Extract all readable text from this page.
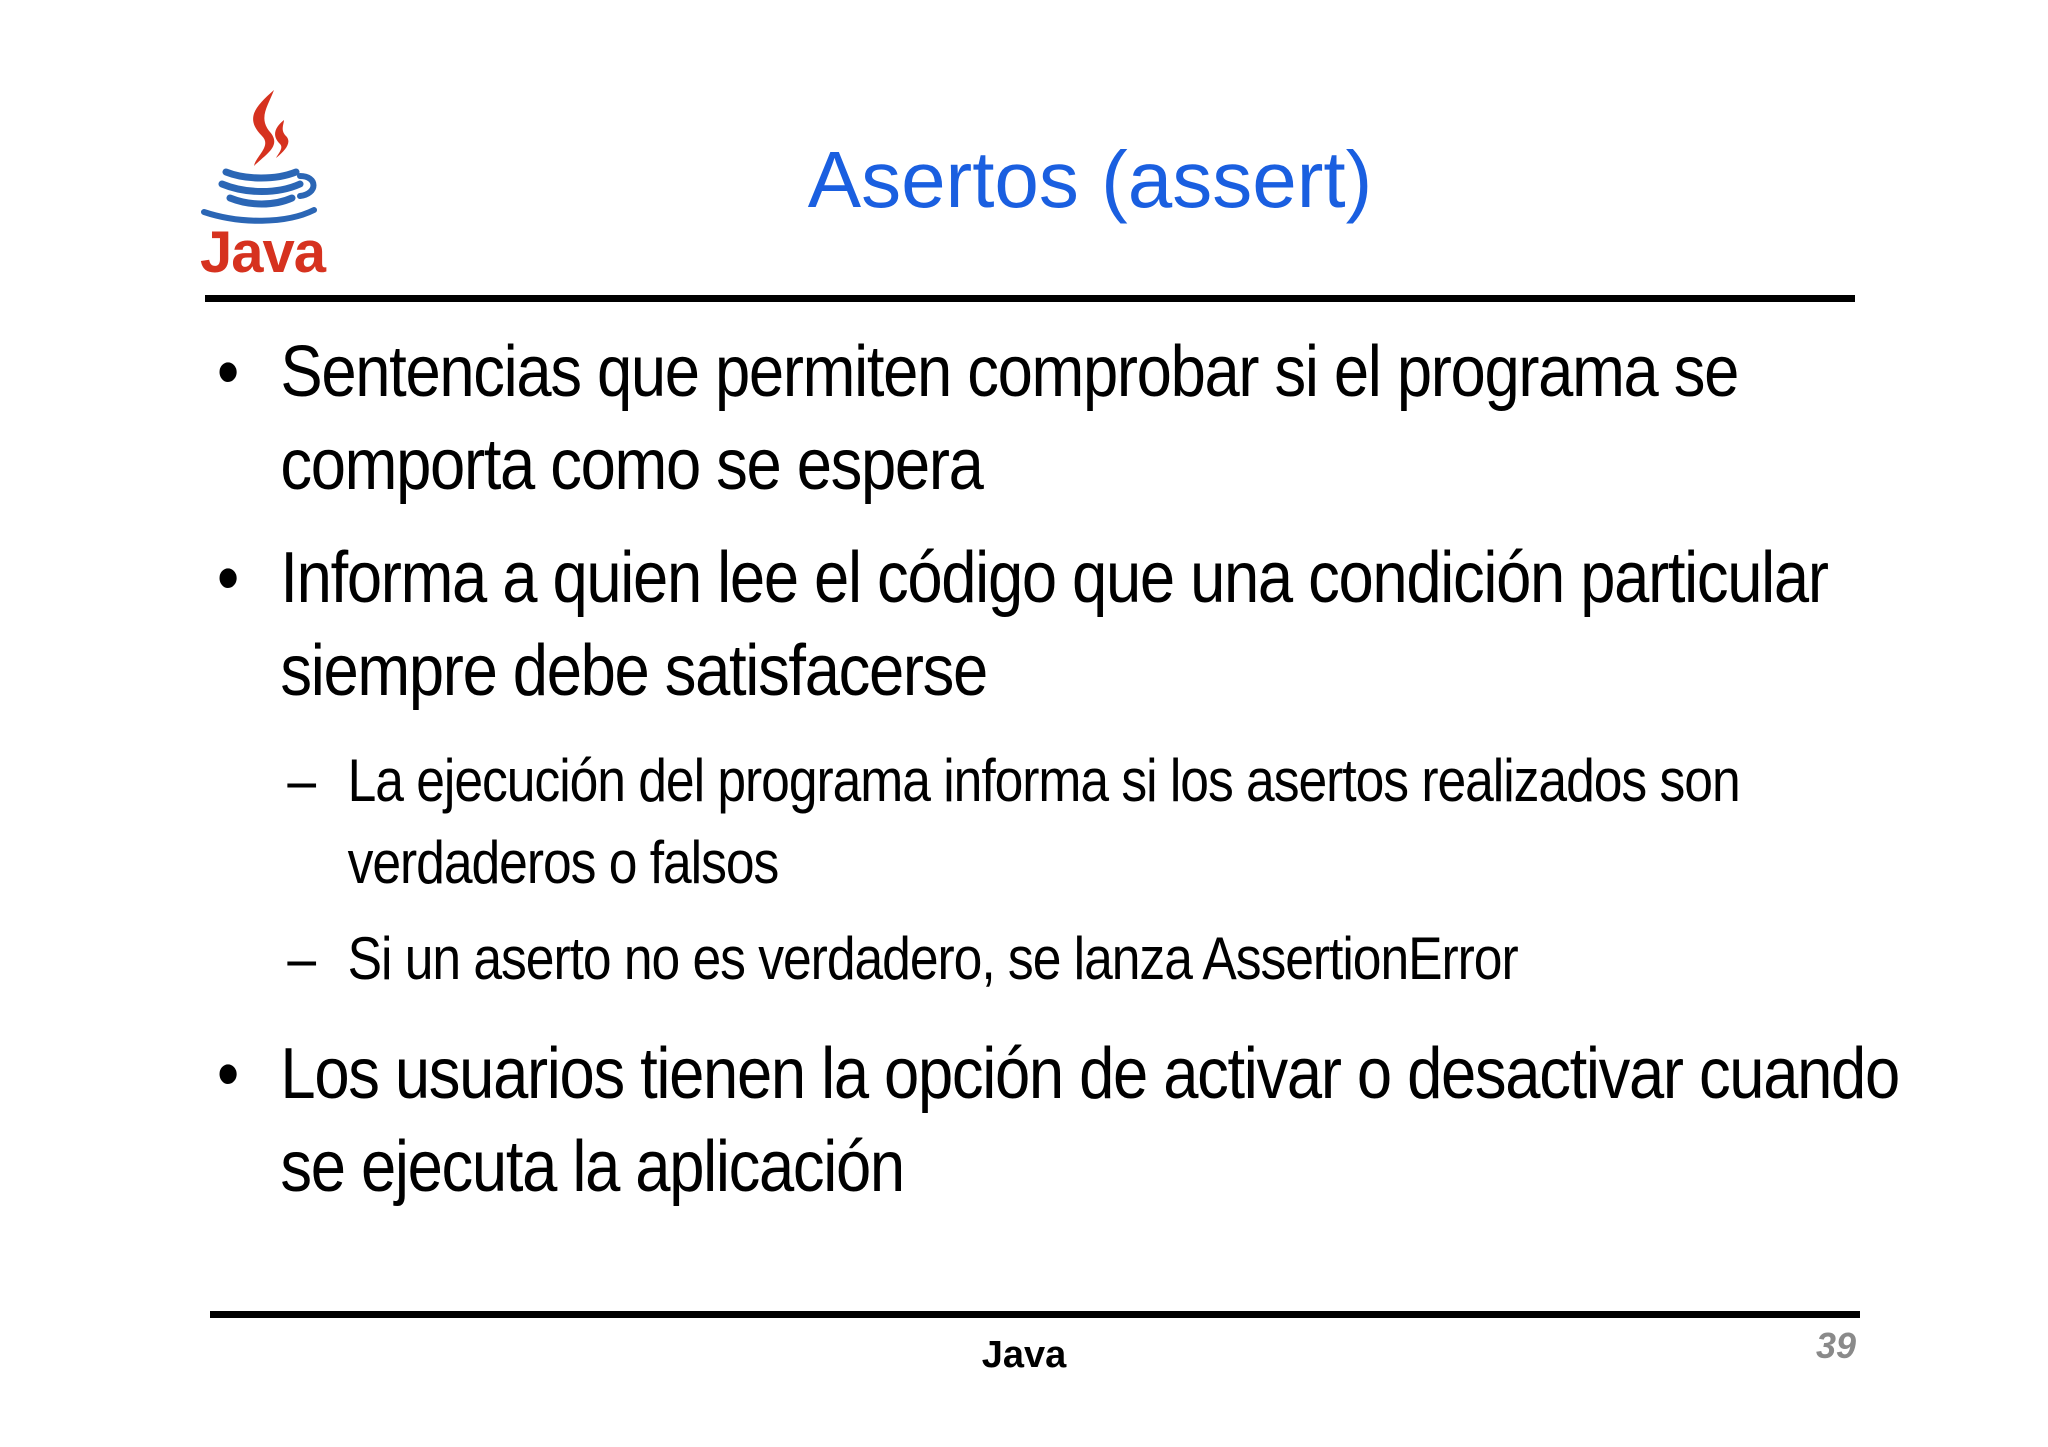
Java
Asertos (assert)
• Sentencias que permiten comprobar si el programa se comporta como se espera
• Informa a quien lee el código que una condición particular siempre debe satisfacerse
– La ejecución del programa informa si los asertos realizados son verdaderos o falsos
– Si un aserto no es verdadero, se lanza AssertionError
• Los usuarios tienen la opción de activar o desactivar cuando se ejecuta la aplicación
Java	39
